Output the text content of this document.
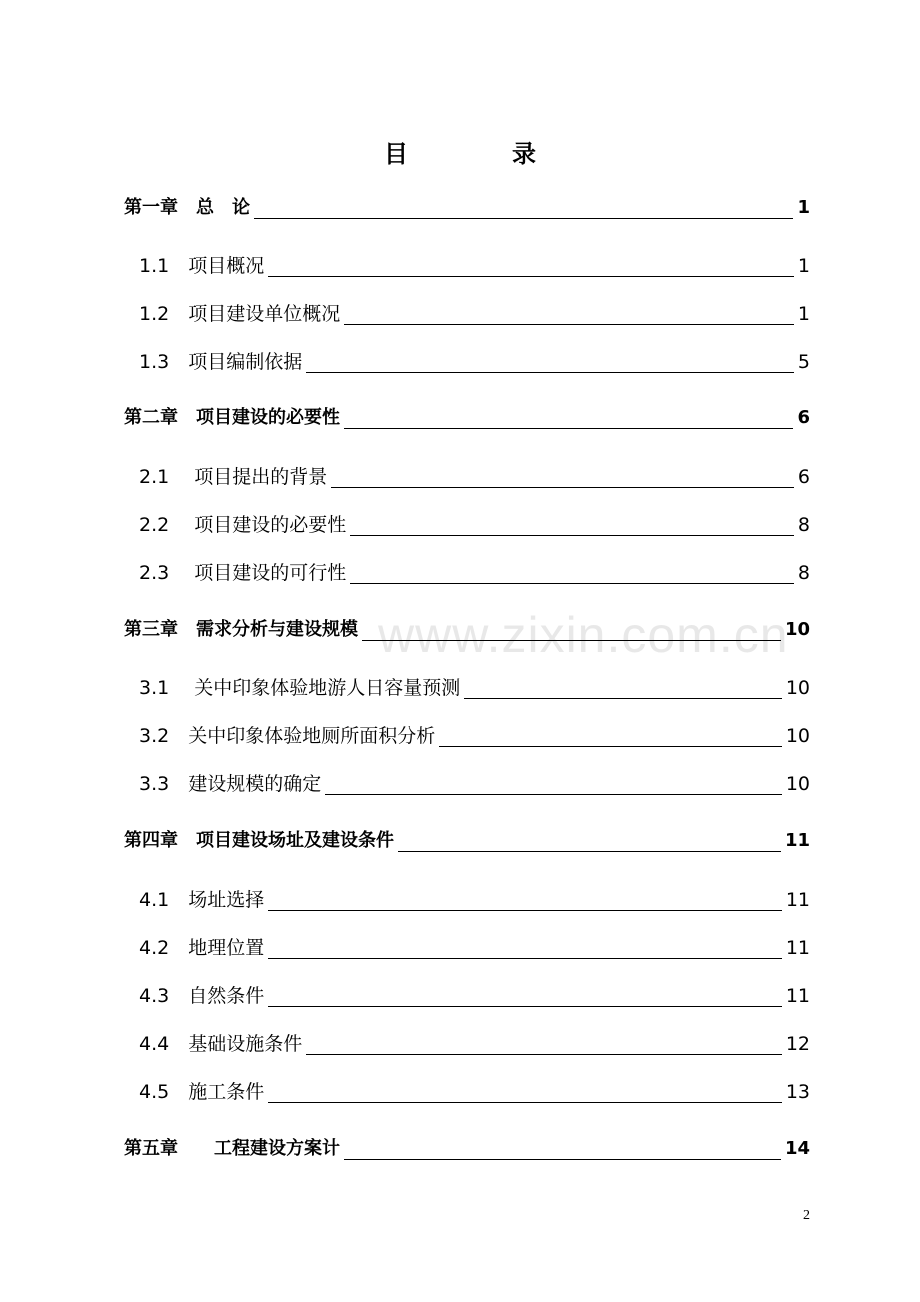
目　录
www.zixin.com.cn
第一章　总　论	1
1.1　项目概况	1
1.2　项目建设单位概况	1
1.3　项目编制依据	5
第二章　项目建设的必要性	6
2.1　 项目提出的背景	6
2.2　 项目建设的必要性	8
2.3　 项目建设的可行性	8
第三章　需求分析与建设规模	10
3.1　 关中印象体验地游人日容量预测	10
3.2　关中印象体验地厕所面积分析	10
3.3　建设规模的确定	10
第四章　项目建设场址及建设条件	11
4.1　场址选择	11
4.2　地理位置	11
4.3　自然条件	11
4.4　基础设施条件	12
4.5　施工条件	13
第五章　　工程建设方案计	14
2
